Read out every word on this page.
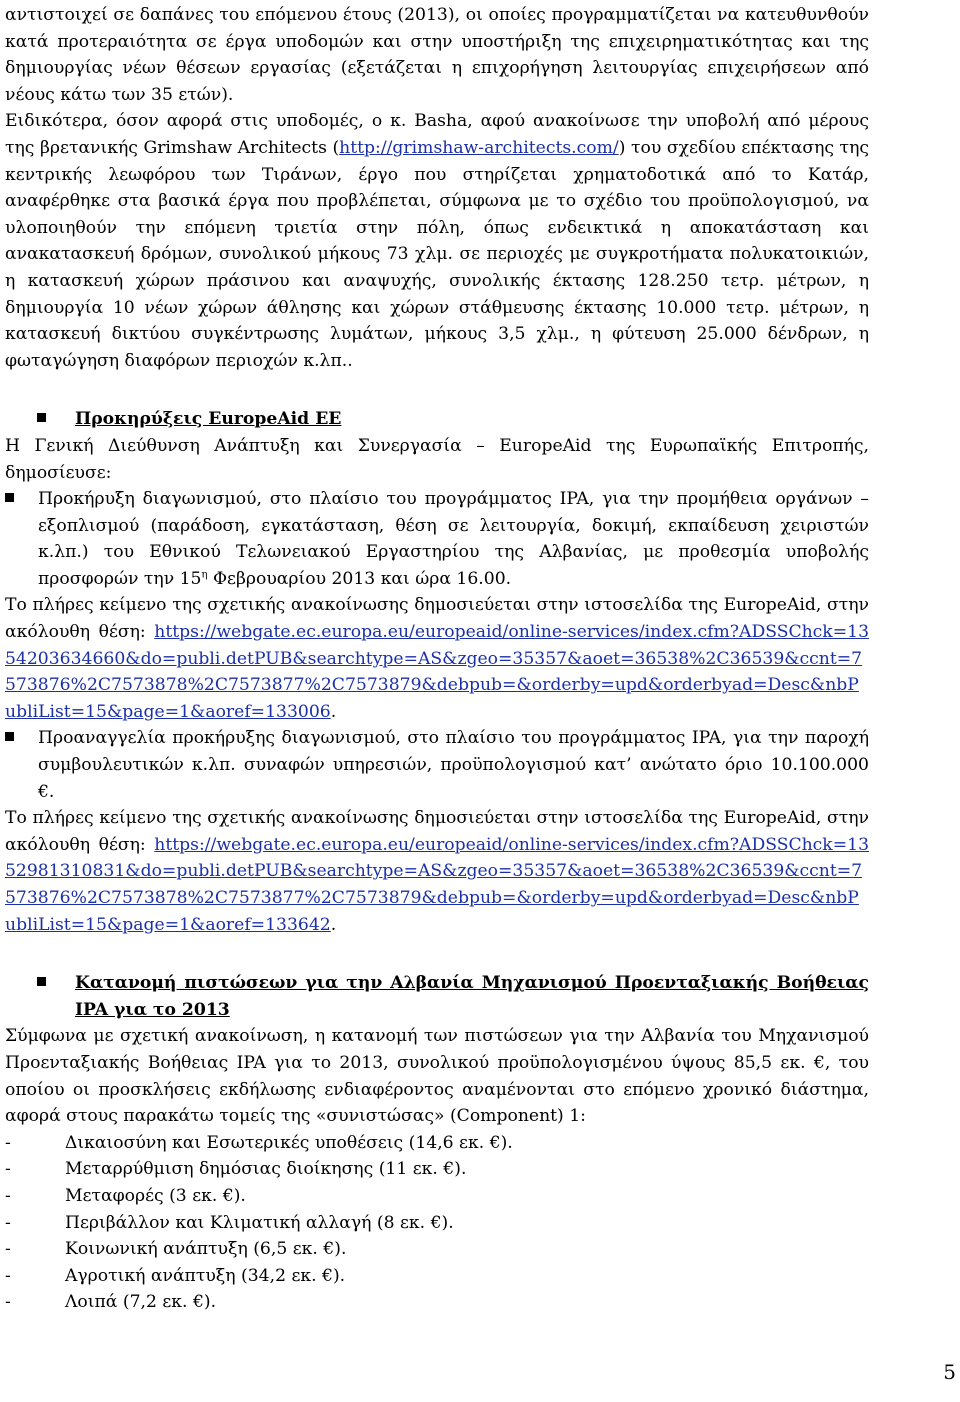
αντιστοιχεί σε δαπάνες του επόμενου έτους (2013), οι οποίες προγραμματίζεται να κατευθυνθούν κατά προτεραιότητα σε έργα υποδομών και στην υποστήριξη της επιχειρηματικότητας και της δημιουργίας νέων θέσεων εργασίας (εξετάζεται η επιχορήγηση λειτουργίας επιχειρήσεων από νέους κάτω των 35 ετών).

Ειδικότερα, όσον αφορά στις υποδομές, ο κ. Basha, αφού ανακοίνωσε την υποβολή από μέρους της βρετανικής Grimshaw Architects (http://grimshaw-architects.com/) του σχεδίου επέκτασης της κεντρικής λεωφόρου των Τιράνων, έργο που στηρίζεται χρηματοδοτικά από το Κατάρ, αναφέρθηκε στα βασικά έργα που προβλέπεται, σύμφωνα με το σχέδιο του προϋπολογισμού, να υλοποιηθούν την επόμενη τριετία στην πόλη, όπως ενδεικτικά η αποκατάσταση και ανακατασκευή δρόμων, συνολικού μήκους 73 χλμ. σε περιοχές με συγκροτήματα πολυκατοικιών, η κατασκευή χώρων πράσινου και αναψυχής, συνολικής έκτασης 128.250 τετρ. μέτρων, η δημιουργία 10 νέων χώρων άθλησης και χώρων στάθμευσης έκτασης 10.000 τετρ. μέτρων, η κατασκευή δικτύου συγκέντρωσης λυμάτων, μήκους 3,5 χλμ., η φύτευση 25.000 δένδρων, η φωταγώγηση διαφόρων περιοχών κ.λπ..

Προκηρύξεις EuropeAid ΕΕ

Η Γενική Διεύθυνση Ανάπτυξη και Συνεργασία – EuropeAid της Ευρωπαϊκής Επιτροπής, δημοσίευσε:

Προκήρυξη διαγωνισμού, στο πλαίσιο του προγράμματος IPA, για την προμήθεια οργάνων – εξοπλισμού (παράδοση, εγκατάσταση, θέση σε λειτουργία, δοκιμή, εκπαίδευση χειριστών κ.λπ.) του Εθνικού Τελωνειακού Εργαστηρίου της Αλβανίας, με προθεσμία υποβολής προσφορών την $15^\eta$ Φεβρουαρίου 2013 και ώρα 16.00.

Το πλήρες κείμενο της σχετικής ανακοίνωσης δημοσιεύεται στην ιστοσελίδα της EuropeAid, στην ακόλουθη θέση: https://webgate.ec.europa.eu/europeaid/online-services/index.cfm?ADSSChck=1354203634660&do=publi.detPUB&searchtype=AS&zgeo=35357&aoet=36538%2C36539&ccnt=7573876%2C7573878%2C7573877%2C7573879&debpub=&orderby=upd&orderbyad=Desc&nbPubliList=15&page=1&aoref=133006.

Προαναγγελία προκήρυξης διαγωνισμού, στο πλαίσιο του προγράμματος IPA, για την παροχή συμβουλευτικών κ.λπ. συναφών υπηρεσιών, προϋπολογισμού κατ’ ανώτατο όριο 10.100.000 €.

Το πλήρες κείμενο της σχετικής ανακοίνωσης δημοσιεύεται στην ιστοσελίδα της EuropeAid, στην ακόλουθη θέση: https://webgate.ec.europa.eu/europeaid/online-services/index.cfm?ADSSChck=1352981310831&do=publi.detPUB&searchtype=AS&zgeo=35357&aoet=36538%2C36539&ccnt=7573876%2C7573878%2C7573877%2C7573879&debpub=&orderby=upd&orderbyad=Desc&nbPubliList=15&page=1&aoref=133642.

Κατανομή πιστώσεων για την Αλβανία Μηχανισμού Προενταξιακής Βοήθειας IPA για το 2013

Σύμφωνα με σχετική ανακοίνωση, η κατανομή των πιστώσεων για την Αλβανία του Μηχανισμού Προενταξιακής Βοήθειας IPA για το 2013, συνολικού προϋπολογισμένου ύψους 85,5 εκ. €, του οποίου οι προσκλήσεις εκδήλωσης ενδιαφέροντος αναμένονται στο επόμενο χρονικό διάστημα, αφορά στους παρακάτω τομείς της «συνιστώσας» (Component) 1:

-	Δικαιοσύνη και Εσωτερικές υποθέσεις (14,6 εκ. €).
-	Μεταρρύθμιση δημόσιας διοίκησης (11 εκ. €).
-	Μεταφορές (3 εκ. €).
-	Περιβάλλον και Κλιματική αλλαγή (8 εκ. €).
-	Κοινωνική ανάπτυξη (6,5 εκ. €).
-	Αγροτική ανάπτυξη (34,2 εκ. €).
-	Λοιπά (7,2 εκ. €).
5
